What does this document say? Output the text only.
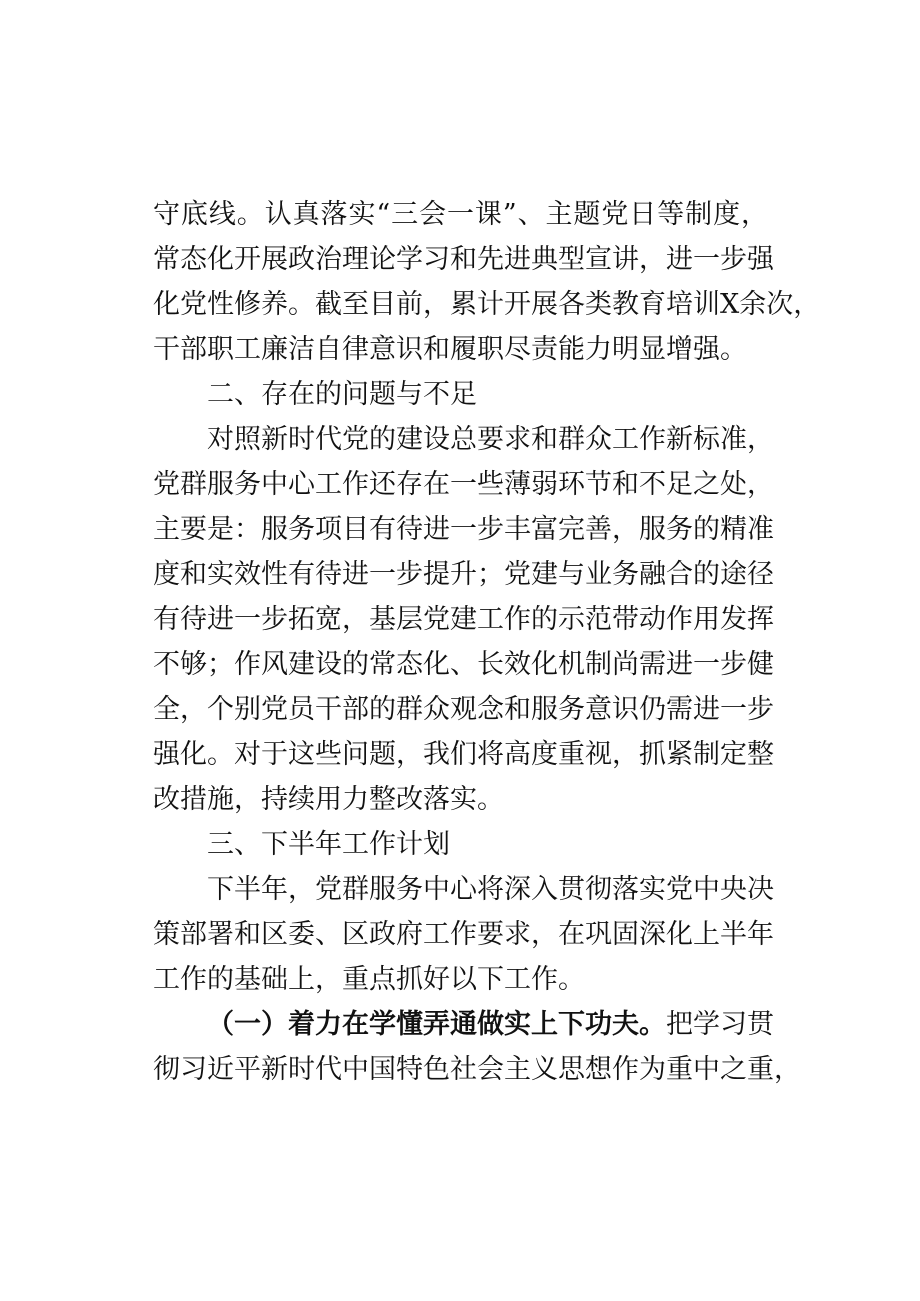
守底线。认真落实“三会一课”、主题党日等制度，
常态化开展政治理论学习和先进典型宣讲，进一步强
化党性修养。截至目前，累计开展各类教育培训X余次，
干部职工廉洁自律意识和履职尽责能力明显增强。
二、存在的问题与不足
对照新时代党的建设总要求和群众工作新标准，
党群服务中心工作还存在一些薄弱环节和不足之处，
主要是：服务项目有待进一步丰富完善，服务的精准
度和实效性有待进一步提升；党建与业务融合的途径
有待进一步拓宽，基层党建工作的示范带动作用发挥
不够；作风建设的常态化、长效化机制尚需进一步健
全，个别党员干部的群众观念和服务意识仍需进一步
强化。对于这些问题，我们将高度重视，抓紧制定整
改措施，持续用力整改落实。
三、下半年工作计划
下半年，党群服务中心将深入贯彻落实党中央决
策部署和区委、区政府工作要求，在巩固深化上半年
工作的基础上，重点抓好以下工作。
（一）着力在学懂弄通做实上下功夫。把学习贯
彻习近平新时代中国特色社会主义思想作为重中之重，
